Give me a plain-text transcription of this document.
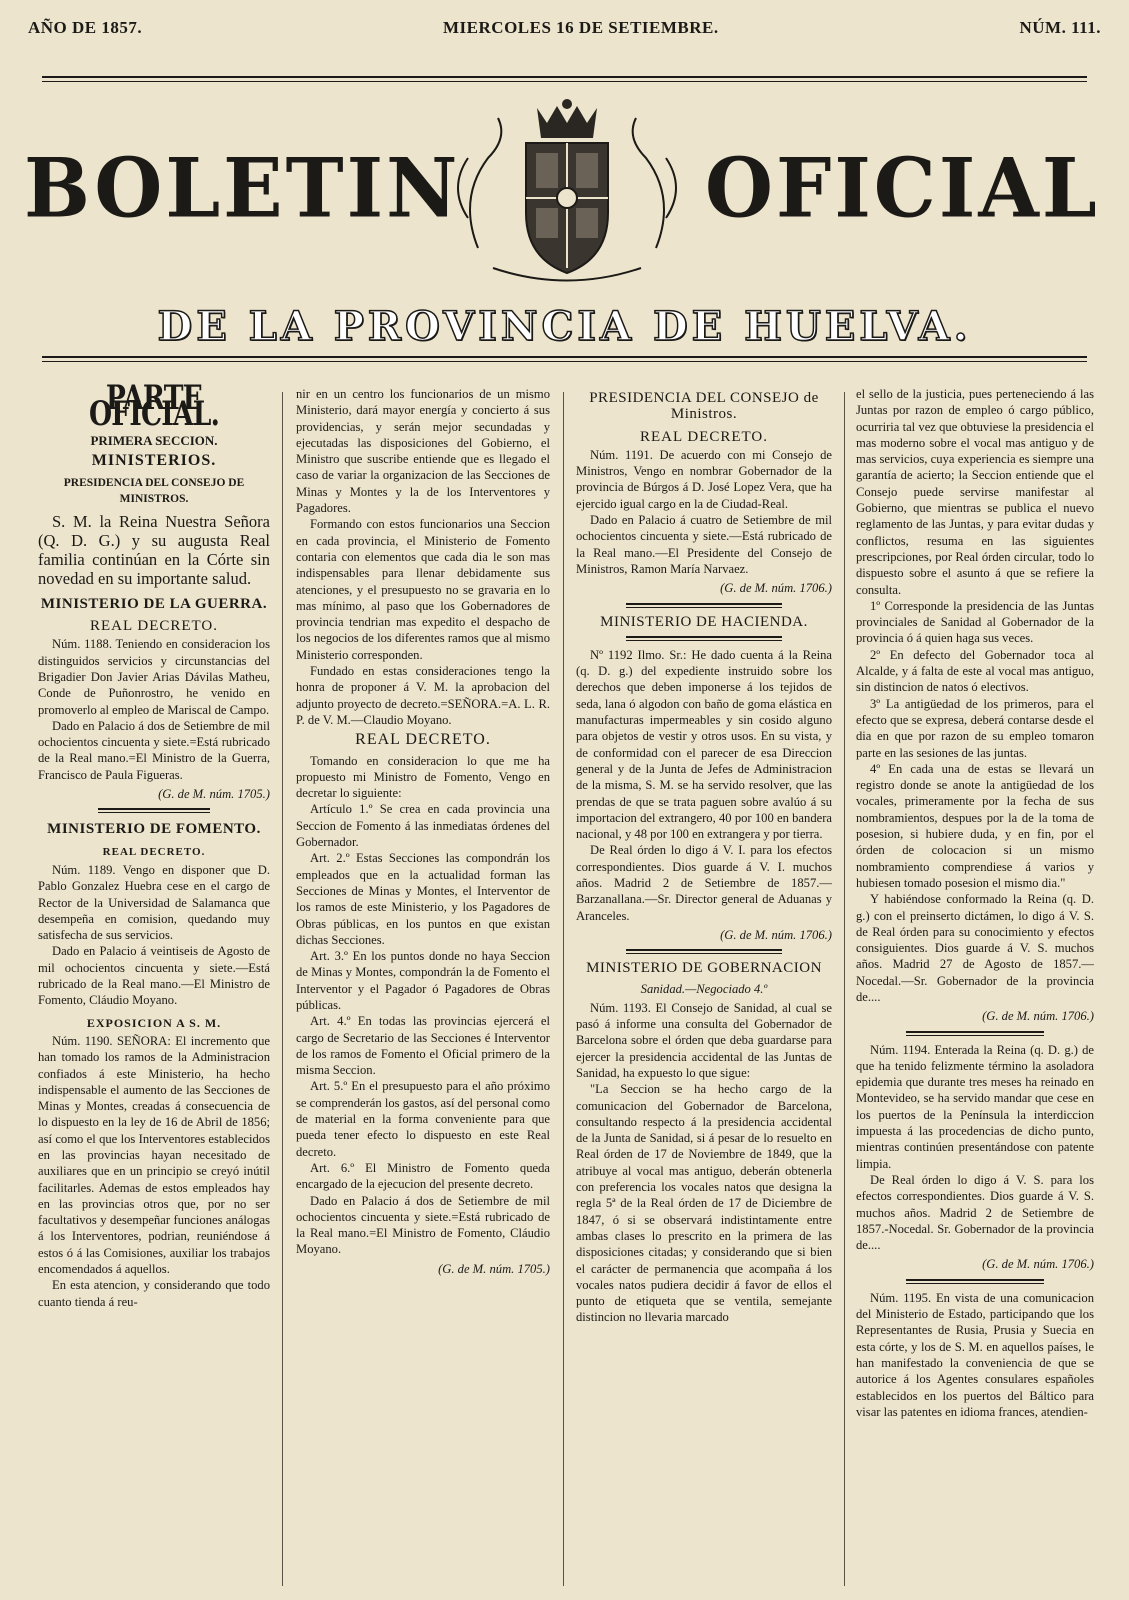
AÑO DE 1857.	MIERCOLES 16 DE SETIEMBRE.	NÚM. 111.
BOLETIN	OFICIAL
DE LA PROVINCIA DE HUELVA.
PARTE OFICIAL.
PRIMERA SECCION.
MINISTERIOS.
PRESIDENCIA DEL CONSEJO DE MINISTROS.

S. M. la Reina Nuestra Señora (Q. D. G.) y su augusta Real familia continúan en la Córte sin novedad en su importante salud.

MINISTERIO DE LA GUERRA.
REAL DECRETO.

Núm. 1188. Teniendo en consideracion los distinguidos servicios y circunstancias del Brigadier Don Javier Arias Dávilas Matheu, Conde de Puñonrostro, he venido en promoverlo al empleo de Mariscal de Campo.

Dado en Palacio á dos de Setiembre de mil ochocientos cincuenta y siete.=Está rubricado de la Real mano.=El Ministro de la Guerra, Francisco de Paula Figueras.

(G. de M. núm. 1705.)
MINISTERIO DE FOMENTO.
REAL DECRETO.

Núm. 1189. Vengo en disponer que D. Pablo Gonzalez Huebra cese en el cargo de Rector de la Universidad de Salamanca que desempeña en comision, quedando muy satisfecha de sus servicios.

Dado en Palacio á veintiseis de Agosto de mil ochocientos cincuenta y siete.—Está rubricado de la Real mano.—El Ministro de Fomento, Cláudio Moyano.

EXPOSICION A S. M.

Núm. 1190. SEÑORA: El incremento que han tomado los ramos de la Administracion confiados á este Ministerio, ha hecho indispensable el aumento de las Secciones de Minas y Montes, creadas á consecuencia de lo dispuesto en la ley de 16 de Abril de 1856; así como el que los Interventores establecidos en las provincias hayan necesitado de auxiliares que en un principio se creyó inútil facilitarles. Ademas de estos empleados hay en las provincias otros que, por no ser facultativos y desempeñar funciones análogas á los Interventores, podrian, reuniéndose á estos ó á las Comisiones, auxiliar los trabajos encomendados á aquellos.

En esta atencion, y considerando que todo cuanto tienda á reu-

nir en un centro los funcionarios de un mismo Ministerio, dará mayor energía y concierto á sus providencias, y serán mejor secundadas y ejecutadas las disposiciones del Gobierno, el Ministro que suscribe entiende que es llegado el caso de variar la organizacion de las Secciones de Minas y Montes y la de los Interventores y Pagadores.

Formando con estos funcionarios una Seccion en cada provincia, el Ministerio de Fomento contaria con elementos que cada dia le son mas indispensables para llenar debidamente sus atenciones, y el presupuesto no se gravaria en lo mas mínimo, al paso que los Gobernadores de provincia tendrian mas expedito el despacho de los negocios de los diferentes ramos que al mismo Ministerio corresponden.

Fundado en estas consideraciones tengo la honra de proponer á V. M. la aprobacion del adjunto proyecto de decreto.=SEÑORA.=A. L. R. P. de V. M.—Claudio Moyano.

REAL DECRETO.

Tomando en consideracion lo que me ha propuesto mi Ministro de Fomento, Vengo en decretar lo siguiente:

Artículo 1.º Se crea en cada provincia una Seccion de Fomento á las inmediatas órdenes del Gobernador.

Art. 2.º Estas Secciones las compondrán los empleados que en la actualidad forman las Secciones de Minas y Montes, el Interventor de los ramos de este Ministerio, y los Pagadores de Obras públicas, en los puntos en que existan dichas Secciones.

Art. 3.º En los puntos donde no haya Seccion de Minas y Montes, compondrán la de Fomento el Interventor y el Pagador ó Pagadores de Obras públicas.

Art. 4.º En todas las provincias ejercerá el cargo de Secretario de las Secciones é Interventor de los ramos de Fomento el Oficial primero de la misma Seccion.

Art. 5.º En el presupuesto para el año próximo se comprenderán los gastos, así del personal como de material en la forma conveniente para que pueda tener efecto lo dispuesto en este Real decreto.

Art. 6.º El Ministro de Fomento queda encargado de la ejecucion del presente decreto.

Dado en Palacio á dos de Setiembre de mil ochocientos cincuenta y siete.=Está rubricado de la Real mano.=El Ministro de Fomento, Cláudio Moyano.

(G. de M. núm. 1705.)
PRESIDENCIA DEL CONSEJO de Ministros.
REAL DECRETO.

Núm. 1191. De acuerdo con mi Consejo de Ministros, Vengo en nombrar Gobernador de la provincia de Búrgos á D. José Lopez Vera, que ha ejercido igual cargo en la de Ciudad-Real.

Dado en Palacio á cuatro de Setiembre de mil ochocientos cincuenta y siete.—Está rubricado de la Real mano.—El Presidente del Consejo de Ministros, Ramon María Narvaez.

(G. de M. núm. 1706.)
MINISTERIO DE HACIENDA.

Nº 1192 Ilmo. Sr.: He dado cuenta á la Reina (q. D. g.) del expediente instruido sobre los derechos que deben imponerse á los tejidos de seda, lana ó algodon con baño de goma elástica en manufacturas impermeables y sin cosido alguno para objetos de vestir y otros usos. En su vista, y de conformidad con el parecer de esa Direccion general y de la Junta de Jefes de Administracion de la misma, S. M. se ha servido resolver, que las prendas de que se trata paguen sobre avalúo á su importacion del extrangero, 40 por 100 en bandera nacional, y 48 por 100 en extrangera y por tierra.

De Real órden lo digo á V. I. para los efectos correspondientes. Dios guarde á V. I. muchos años. Madrid 2 de Setiembre de 1857.—Barzanallana.—Sr. Director general de Aduanas y Aranceles.

(G. de M. núm. 1706.)
MINISTERIO DE GOBERNACION
Sanidad.—Negociado 4.º

Núm. 1193. El Consejo de Sanidad, al cual se pasó á informe una consulta del Gobernador de Barcelona sobre el órden que deba guardarse para ejercer la presidencia accidental de las Juntas de Sanidad, ha expuesto lo que sigue:

"La Seccion se ha hecho cargo de la comunicacion del Gobernador de Barcelona, consultando respecto á la presidencia accidental de la Junta de Sanidad, si á pesar de lo resuelto en Real órden de 17 de Noviembre de 1849, que la atribuye al vocal mas antiguo, deberán obtenerla con preferencia los vocales natos que designa la regla 5ª de la Real órden de 17 de Diciembre de 1847, ó si se observará indistintamente entre ambas clases lo prescrito en la primera de las disposiciones citadas; y considerando que si bien el carácter de permanencia que acompaña á los vocales natos pudiera decidir á favor de ellos el punto de etiqueta que se ventila, semejante distincion no llevaria marcado

el sello de la justicia, pues perteneciendo á las Juntas por razon de empleo ó cargo público, ocurriria tal vez que obtuviese la presidencia el mas moderno sobre el vocal mas antiguo y de mas servicios, cuya experiencia es siempre una garantía de acierto; la Seccion entiende que el Consejo puede servirse manifestar al Gobierno, que mientras se publica el nuevo reglamento de las Juntas, y para evitar dudas y conflictos, resuma en las siguientes prescripciones, por Real órden circular, todo lo dispuesto sobre el asunto á que se refiere la consulta.

1º Corresponde la presidencia de las Juntas provinciales de Sanidad al Gobernador de la provincia ó á quien haga sus veces.

2º En defecto del Gobernador toca al Alcalde, y á falta de este al vocal mas antiguo, sin distincion de natos ó electivos.

3º La antigüedad de los primeros, para el efecto que se expresa, deberá contarse desde el dia en que por razon de su empleo tomaron parte en las sesiones de las juntas.

4º En cada una de estas se llevará un registro donde se anote la antigüedad de los vocales, primeramente por la fecha de sus nombramientos, despues por la de la toma de posesion, si hubiere duda, y en fin, por el órden de colocacion si un mismo nombramiento comprendiese á varios y hubiesen tomado posesion el mismo dia."

Y habiéndose conformado la Reina (q. D. g.) con el preinserto dictámen, lo digo á V. S. de Real órden para su conocimiento y efectos consiguientes. Dios guarde á V. S. muchos años. Madrid 27 de Agosto de 1857.—Nocedal.—Sr. Gobernador de la provincia de....

(G. de M. núm. 1706.)

Núm. 1194. Enterada la Reina (q. D. g.) de que ha tenido felizmente término la asoladora epidemia que durante tres meses ha reinado en Montevideo, se ha servido mandar que cese en los puertos de la Península la interdiccion impuesta á las procedencias de dicho punto, mientras continúen presentándose con patente limpia.

De Real órden lo digo á V. S. para los efectos correspondientes. Dios guarde á V. S. muchos años. Madrid 2 de Setiembre de 1857.-Nocedal. Sr. Gobernador de la provincia de....

(G. de M. núm. 1706.)

Núm. 1195. En vista de una comunicacion del Ministerio de Estado, participando que los Representantes de Rusia, Prusia y Suecia en esta córte, y los de S. M. en aquellos países, le han manifestado la conveniencia de que se autorice á los Agentes consulares españoles establecidos en los puertos del Báltico para visar las patentes en idioma frances, atendien-
